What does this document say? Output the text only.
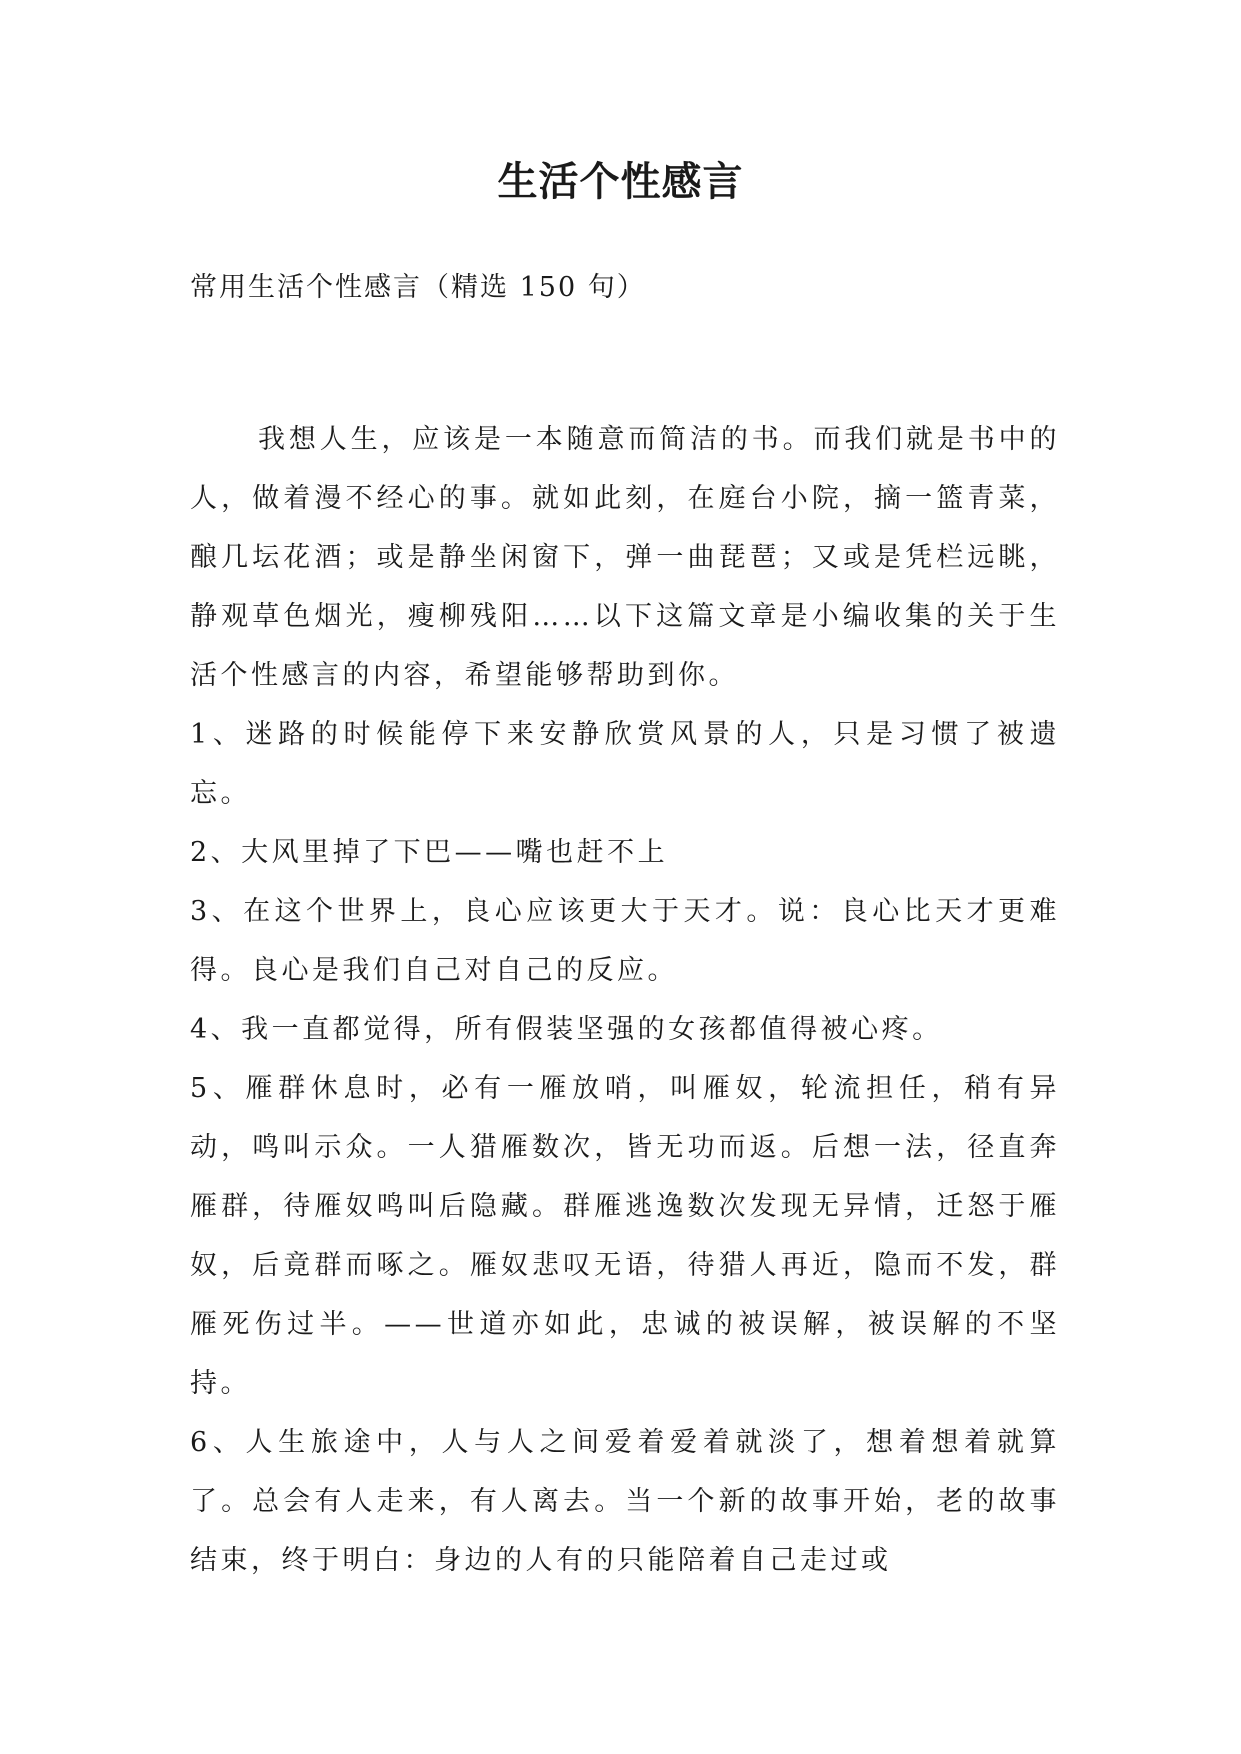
生活个性感言

常用生活个性感言（精选 150 句）

我想人生，应该是一本随意而简洁的书。而我们就是书中的人，做着漫不经心的事。就如此刻，在庭台小院，摘一篮青菜，酿几坛花酒；或是静坐闲窗下，弹一曲琵琶；又或是凭栏远眺，静观草色烟光，瘦柳残阳……以下这篇文章是小编收集的关于生活个性感言的内容，希望能够帮助到你。

1、迷路的时候能停下来安静欣赏风景的人，只是习惯了被遗忘。

2、大风里掉了下巴——嘴也赶不上

3、在这个世界上，良心应该更大于天才。说：良心比天才更难得。良心是我们自己对自己的反应。

4、我一直都觉得，所有假装坚强的女孩都值得被心疼。

5、雁群休息时，必有一雁放哨，叫雁奴，轮流担任，稍有异动，鸣叫示众。一人猎雁数次，皆无功而返。后想一法，径直奔雁群，待雁奴鸣叫后隐藏。群雁逃逸数次发现无异情，迁怒于雁奴，后竟群而啄之。雁奴悲叹无语，待猎人再近，隐而不发，群雁死伤过半。——世道亦如此，忠诚的被误解，被误解的不坚持。

6、人生旅途中，人与人之间爱着爱着就淡了，想着想着就算了。总会有人走来，有人离去。当一个新的故事开始，老的故事结束，终于明白：身边的人有的只能陪着自己走过或
